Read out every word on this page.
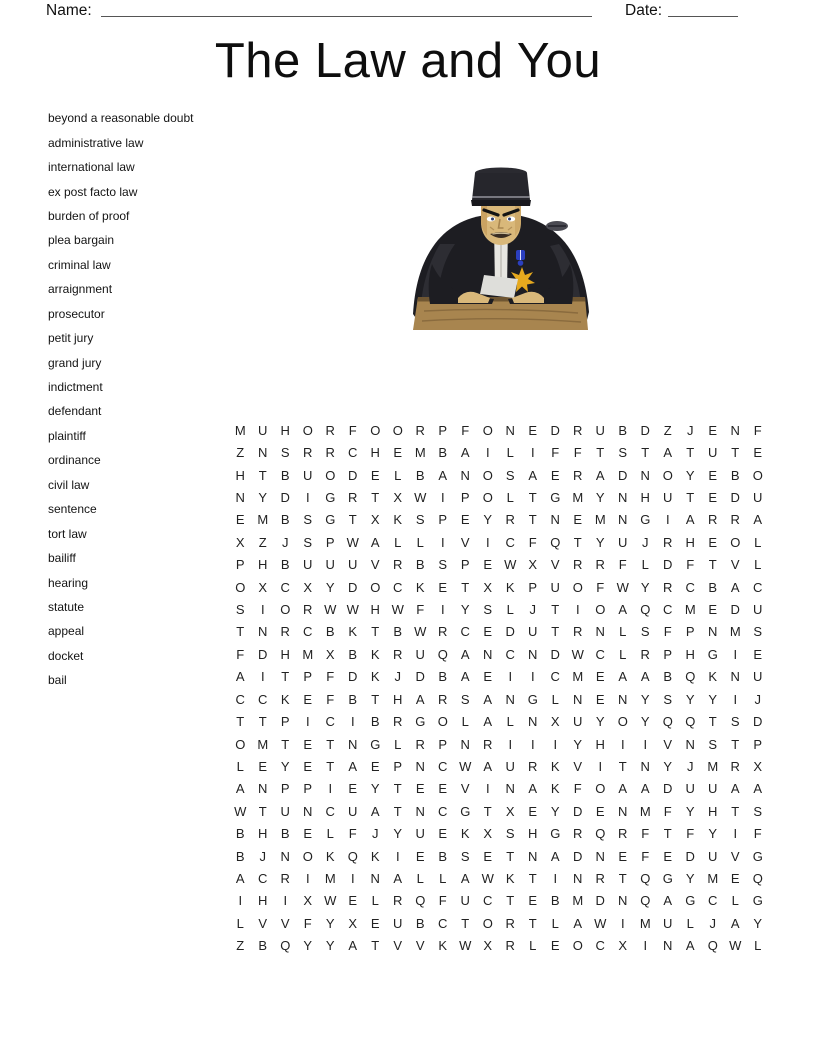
Name:	Date:
The Law and You
beyond a reasonable doubt
administrative law
international law
ex post facto law
burden of proof
plea bargain
criminal law
arraignment
prosecutor
petit jury
grand jury
indictment
defendant
plaintiff
ordinance
civil law
sentence
tort law
bailiff
hearing
statute
appeal
docket
bail
M U	H O R	F	O O R	P	F	O N	E	D	R	U	B	D	Z	J	E	N	F
Z	N	S	R	R	C	H	E M B	A	I	L	I	F	F	T	S	T	A	T	U	T	E
H	T	B	U O D	E	L	B	A	N O	S	A	E	R	A	D	N O	Y	E	B	O
N	Y	D	I	G R	T	X W	I	P	O	L	T	G M Y	N	H	U	T	E	D	U
E M B	S	G	T	X	K	S	P	E	Y	R	T	N	E M N G	I	A	R	R	A
X	Z	J	S	P W A	L	L	I	V	I	C	F	Q	T	Y	U	J	R	H	E	O	L
P	H	B	U	U	U	V	R	B	S	P	E W X	V	R	R	F	L	D	F	T	V	L
O	X	C	X	Y	D O C	K	E	T	X	K	P	U O	F W Y	R	C	B	A	C
S	I	O R W W H W F	I	Y	S	L	J	T	I	O	A	Q C M E	D	U
T	N	R	C	B	K	T	B W R	C	E	D	U	T	R	N	L	S	F	P	N M S
F	D	H M X	B	K	R	U Q	A	N	C	N	D W C	L	R	P	H G	I	E
A	I	T	P	F	D	K	J	D	B	A	E	I	I	C M E	A	A	B	Q	K	N	U
C	C	K	E	F	B	T	H	A	R	S	A	N G	L	N	E	N	Y	S	Y	Y	I	J
T	T	P	I	C	I	B	R G O	L	A	L	N	X	U	Y	O	Y	Q Q	T	S	D
O M	T	E	T	N G	L	R	P	N	R	I	I	I	Y	H	I	I	V	N	S	T	P
L	E	Y	E	T	A	E	P	N	C W A	U	R	K	V	I	T	N	Y	J	M R	X
A	N	P	P	I	E	Y	T	E	E	V	I	N	A	K	F	O	A	A	D	U	U	A	A
W T	U	N	C	U	A	T	N	C G	T	X	E	Y	D	E	N M	F	Y	H	T	S
B	H	B	E	L	F	J	Y	U	E	K	X	S	H G R Q R	F	T	F	Y	I	F
B	J	N O	K	Q	K	I	E	B	S	E	T	N	A	D	N	E	F	E	D	U	V	G
A	C	R	I	M	I	N	A	L	L	A W K	T	I	N	R	T	Q G	Y M E	Q
I	H	I	X W E	L	R Q	F	U	C	T	E	B M D	N Q	A	G C	L	G
L	V	V	F	Y	X	E	U	B	C	T	O R	T	L	A W	I	M U	L	J	A	Y
Z	B	Q	Y	Y	A	T	V	V	K W X	R	L	E	O C	X	I	N	A	Q W L
